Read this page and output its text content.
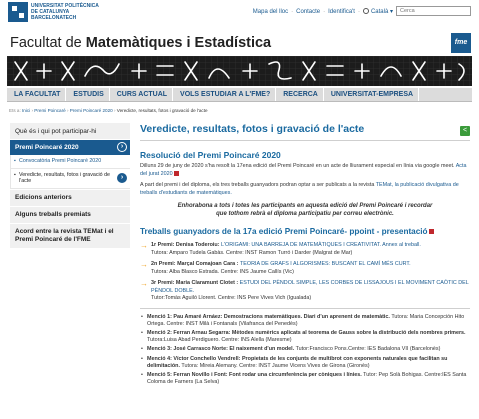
UNIVERSITAT POLITÈCNICA
DE CATALUNYA
BARCELONATECH
Mapa del lloc · Contacte · Identifica't ·	Català ▾
Cerca
Facultat de Matemàtiques i Estadística	fme
LA FACULTAT	ESTUDIS	CURS ACTUAL	VOLS ESTUDIAR A L'FME?	RECERCA	UNIVERSITAT-EMPRESA
Ets a: Inici › Premi Poincaré › Premi Poincaré 2020 › Veredicte, resultats, fotos i gravació de l'acte
Què és i qui pot participar-hi
Premi Poincaré 2020	›
▪ Convocatòria Premi Poincaré 2020
▪ Veredicte, resultats, fotos i gravació de l'acte	›
Edicions anteriors
Alguns treballs premiats
Acord entre la revista TEMat i el Premi Poincaré de l'FME
Veredicte, resultats, fotos i gravació de l'acte	<
Resolució del Premi Poincaré 2020
Dilluns 29 de juny de 2020 s'ha resolt la 17ena edició del Premi Poincaré en un acte de lliurament especial en línia via google meet. Acta del jurat 2020
A part del premi i del diploma, els tres treballs guanyadors podran optar a ser publicats a la revista TEMat, la publicació divulgativa de treballs d'estudiants de matemàtiques.
Enhorabona a tots i totes les participants en aquesta edició del Premi Poincaré i recordar que tothom rebrà el diploma participatiu per correu electrònic.
Treballs guanyadors de la 17a edició Premi Poincaré- ppoint - presentació
→ 1r Premi: Denisa Toderoiu: L'ORIGAMI: UNA BARREJA DE MATEMÀTIQUES I CREATIVITAT. Annex al treball.
Tutora: Amparo Tudela Gabàs. Centre: INST Ramon Turró i Darder (Malgrat de Mar)
→ 2n Premi: Marçal Comajoan Cara : TEORIA DE GRAFS I ALGORISMES: BUSCANT EL CAMÍ MÉS CURT.
Tutora: Alba Blasco Estrada. Centre: INS Jaume Callís (Vic)
→ 3r Premi: Maria Claramunt Clotet : ESTUDI DEL PÈNDOL SIMPLE, LES CORBES DE LISSAJOUS I EL MOVIMENT CAÒTIC DEL PÈNDOL DOBLE.
Tutor:Tomàs Aguiló Llorent. Centre: INS Pere Vives Vich (Igualada)
• Menció 1: Pau Amaré Arnáez: Demostracions matemàtiques. Diari d'un aprenent de matemàtic. Tutora: Maria Concepción Hito Ortega. Centre: INST Milà i Fontanals (Vilafranca del Penedès)
• Menció 2: Ferran Arnau Segarra: Mètodes numèrics aplicats al teorema de Gauss sobre la distribució dels nombres primers. Tutora:Luisa Abad Perdiguero. Centre: INS Alella (Maresme)
• Menció 3: José Carrasco Norte: El naixement d'un model. Tutor:Francisco Pons.Centre: IES Badalona VII (Barcelonès)
• Menció 4: Víctor Conchello Vendrell: Propietats de les conjunts de multibrot con exponents naturales que facilitan su delimitación. Tutora: Mireia Alemany. Centre: INST Jaume Vicens Vives de Girona (Gironès)
• Menció 5: Ferran Novillo i Font: Font rodar una circumferència per còniques i línies. Tutor: Pep Solà Bohigas. Centre:IES Santa Coloma de Farners (La Selva)
